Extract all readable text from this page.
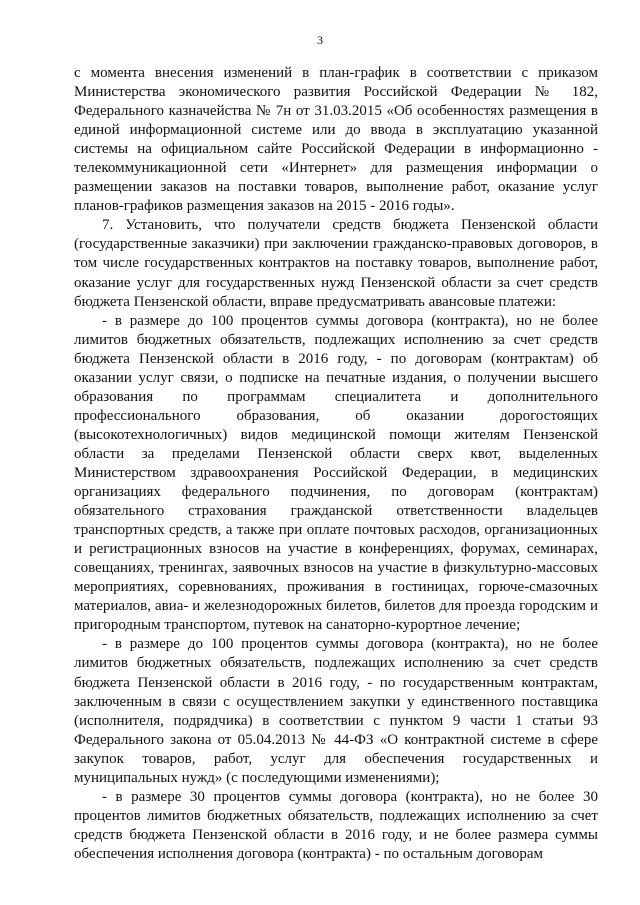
3

с момента внесения изменений в план-график в соответствии с приказом Министерства экономического развития Российской Федерации № 182, Федерального казначейства № 7н от 31.03.2015 «Об особенностях размещения в единой информационной системе или до ввода в эксплуатацию указанной системы на официальном сайте Российской Федерации в информационно - телекоммуникационной сети «Интернет» для размещения информации о размещении заказов на поставки товаров, выполнение работ, оказание услуг планов-графиков размещения заказов на 2015 - 2016 годы».

7. Установить, что получатели средств бюджета Пензенской области (государственные заказчики) при заключении гражданско-правовых договоров, в том числе государственных контрактов на поставку товаров, выполнение работ, оказание услуг для государственных нужд Пензенской области за счет средств бюджета Пензенской области, вправе предусматривать авансовые платежи:

- в размере до 100 процентов суммы договора (контракта), но не более лимитов бюджетных обязательств, подлежащих исполнению за счет средств бюджета Пензенской области в 2016 году, - по договорам (контрактам) об оказании услуг связи, о подписке на печатные издания, о получении высшего образования по программам специалитета и дополнительного профессионального образования, об оказании дорогостоящих (высокотехнологичных) видов медицинской помощи жителям Пензенской области за пределами Пензенской области сверх квот, выделенных Министерством здравоохранения Российской Федерации, в медицинских организациях федерального подчинения, по договорам (контрактам) обязательного страхования гражданской ответственности владельцев транспортных средств, а также при оплате почтовых расходов, организационных и регистрационных взносов на участие в конференциях, форумах, семинарах, совещаниях, тренингах, заявочных взносов на участие в физкультурно-массовых мероприятиях, соревнованиях, проживания в гостиницах, горюче-смазочных материалов, авиа- и железнодорожных билетов, билетов для проезда городским и пригородным транспортом, путевок на санаторно-курортное лечение;

- в размере до 100 процентов суммы договора (контракта), но не более лимитов бюджетных обязательств, подлежащих исполнению за счет средств бюджета Пензенской области в 2016 году, - по государственным контрактам, заключенным в связи с осуществлением закупки у единственного поставщика (исполнителя, подрядчика) в соответствии с пунктом 9 части 1 статьи 93 Федерального закона от 05.04.2013 № 44-ФЗ «О контрактной системе в сфере закупок товаров, работ, услуг для обеспечения государственных и муниципальных нужд» (с последующими изменениями);

- в размере 30 процентов суммы договора (контракта), но не более 30 процентов лимитов бюджетных обязательств, подлежащих исполнению за счет средств бюджета Пензенской области в 2016 году, и не более размера суммы обеспечения исполнения договора (контракта) - по остальным договорам
